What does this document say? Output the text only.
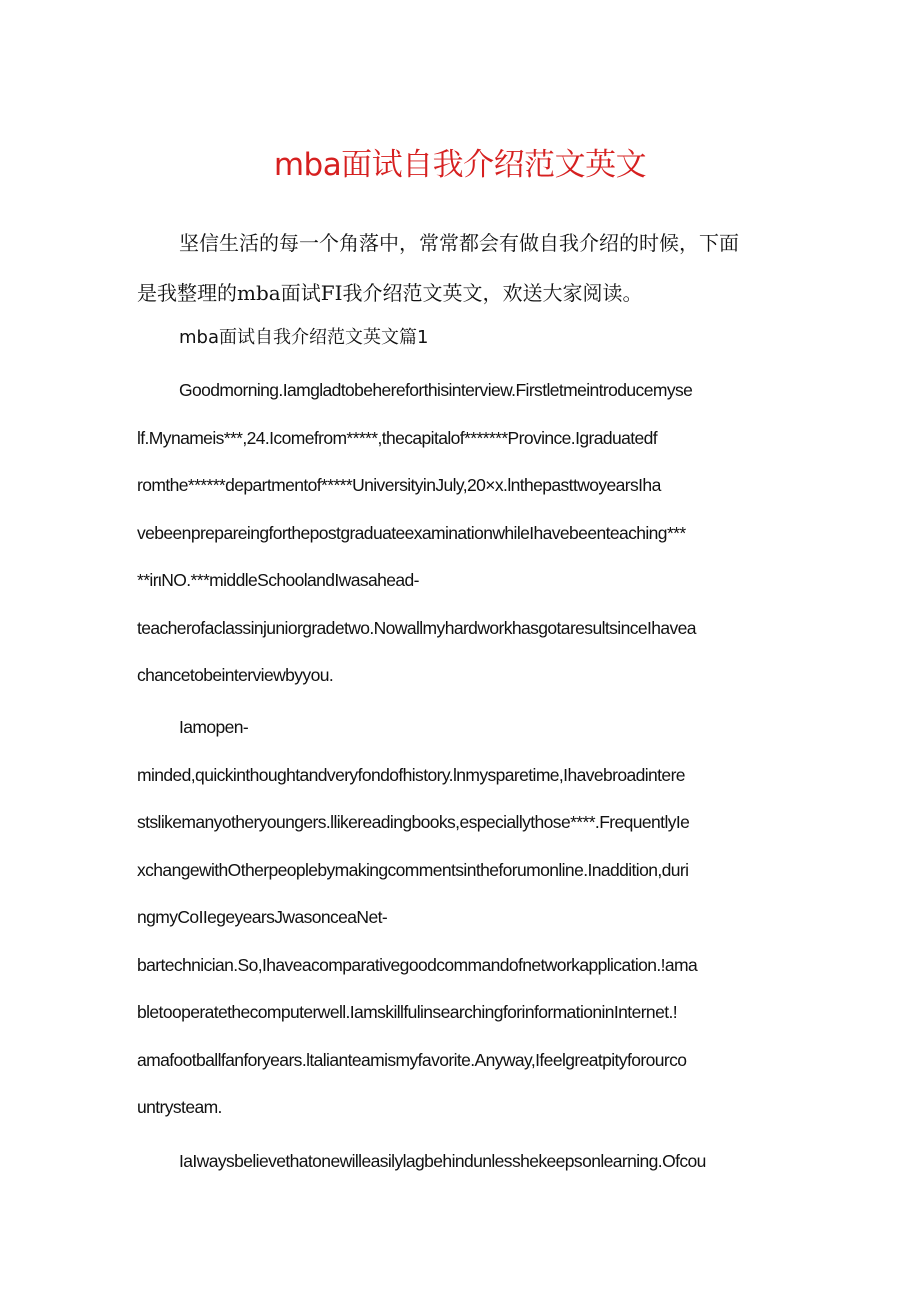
mba面试自我介绍范文英文
坚信生活的每一个角落中，常常都会有做自我介绍的时候，下面
是我整理的mba面试FI我介绍范文英文，欢送大家阅读。
mba面试自我介绍范文英文篇1
Goodmorning.Iamgladtobehereforthisinterview.Firstletmeintroducemyse
lf.Mynameis***,24.Icomefrom*****,thecapitalof*******Province.Igraduatedf
romthe******departmentof*****UniversityinJuly,20×x.lnthepasttwoyearsIha
vebeenprepareingforthepostgraduateexaminationwhileIhavebeenteaching***
**irιNO.***middleSchoolandIwasahead-
teacherofaclassinjuniorgradetwo.NowallmyhardworkhasgotaresultsinceIhavea
chancetobeinterviewbyyou.
Iamopen-
minded,quickinthoughtandveryfondofhistory.lnmysparetime,Ihavebroadintere
stslikemanyotheryoungers.llikereadingbooks,especiallythose****.FrequentlyIe
xchangewithOtherpeoplebymakingcommentsintheforumonline.Inaddition,duri
ngmyCoIIegeyearsJwasonceaNet-
bartechnician.So,Ihaveacomparativegoodcommandofnetworkapplication.!ama
bletooperatethecomputerwell.IamskillfulinsearchingforinformationinInternet.!
amafootballfanforyears.ltalianteamismyfavorite.Anyway,Ifeelgreatpityforourco
untrysteam.
IaIwaysbelievethatonewilleasilylagbehindunlesshekeepsonlearning.Ofcou
